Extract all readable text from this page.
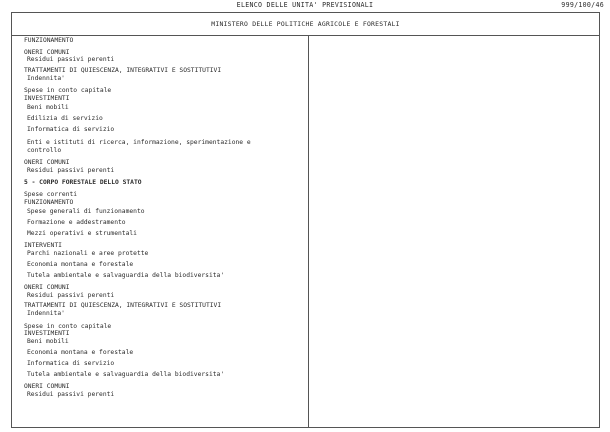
ELENCO DELLE UNITA' PREVISIONALI	999/100/46
MINISTERO DELLE POLITICHE AGRICOLE E FORESTALI
FUNZIONAMENTO
ONERI COMUNI
Residui passivi perenti
TRATTAMENTI DI QUIESCENZA, INTEGRATIVI E SOSTITUTIVI
Indennita'
Spese in conto capitale
INVESTIMENTI
Beni mobili
Edilizia di servizio
Informatica di servizio
Enti e istituti di ricerca, informazione, sperimentazione e
controllo
ONERI COMUNI
Residui passivi perenti
5 - CORPO FORESTALE DELLO STATO
Spese correnti
FUNZIONAMENTO
Spese generali di funzionamento
Formazione e addestramento
Mezzi operativi e strumentali
INTERVENTI
Parchi nazionali e aree protette
Economia montana e forestale
Tutela ambientale e salvaguardia della biodiversita'
ONERI COMUNI
Residui passivi perenti
TRATTAMENTI DI QUIESCENZA, INTEGRATIVI E SOSTITUTIVI
Indennita'
Spese in conto capitale
INVESTIMENTI
Beni mobili
Economia montana e forestale
Informatica di servizio
Tutela ambientale e salvaguardia della biodiversita'
ONERI COMUNI
Residui passivi perenti
